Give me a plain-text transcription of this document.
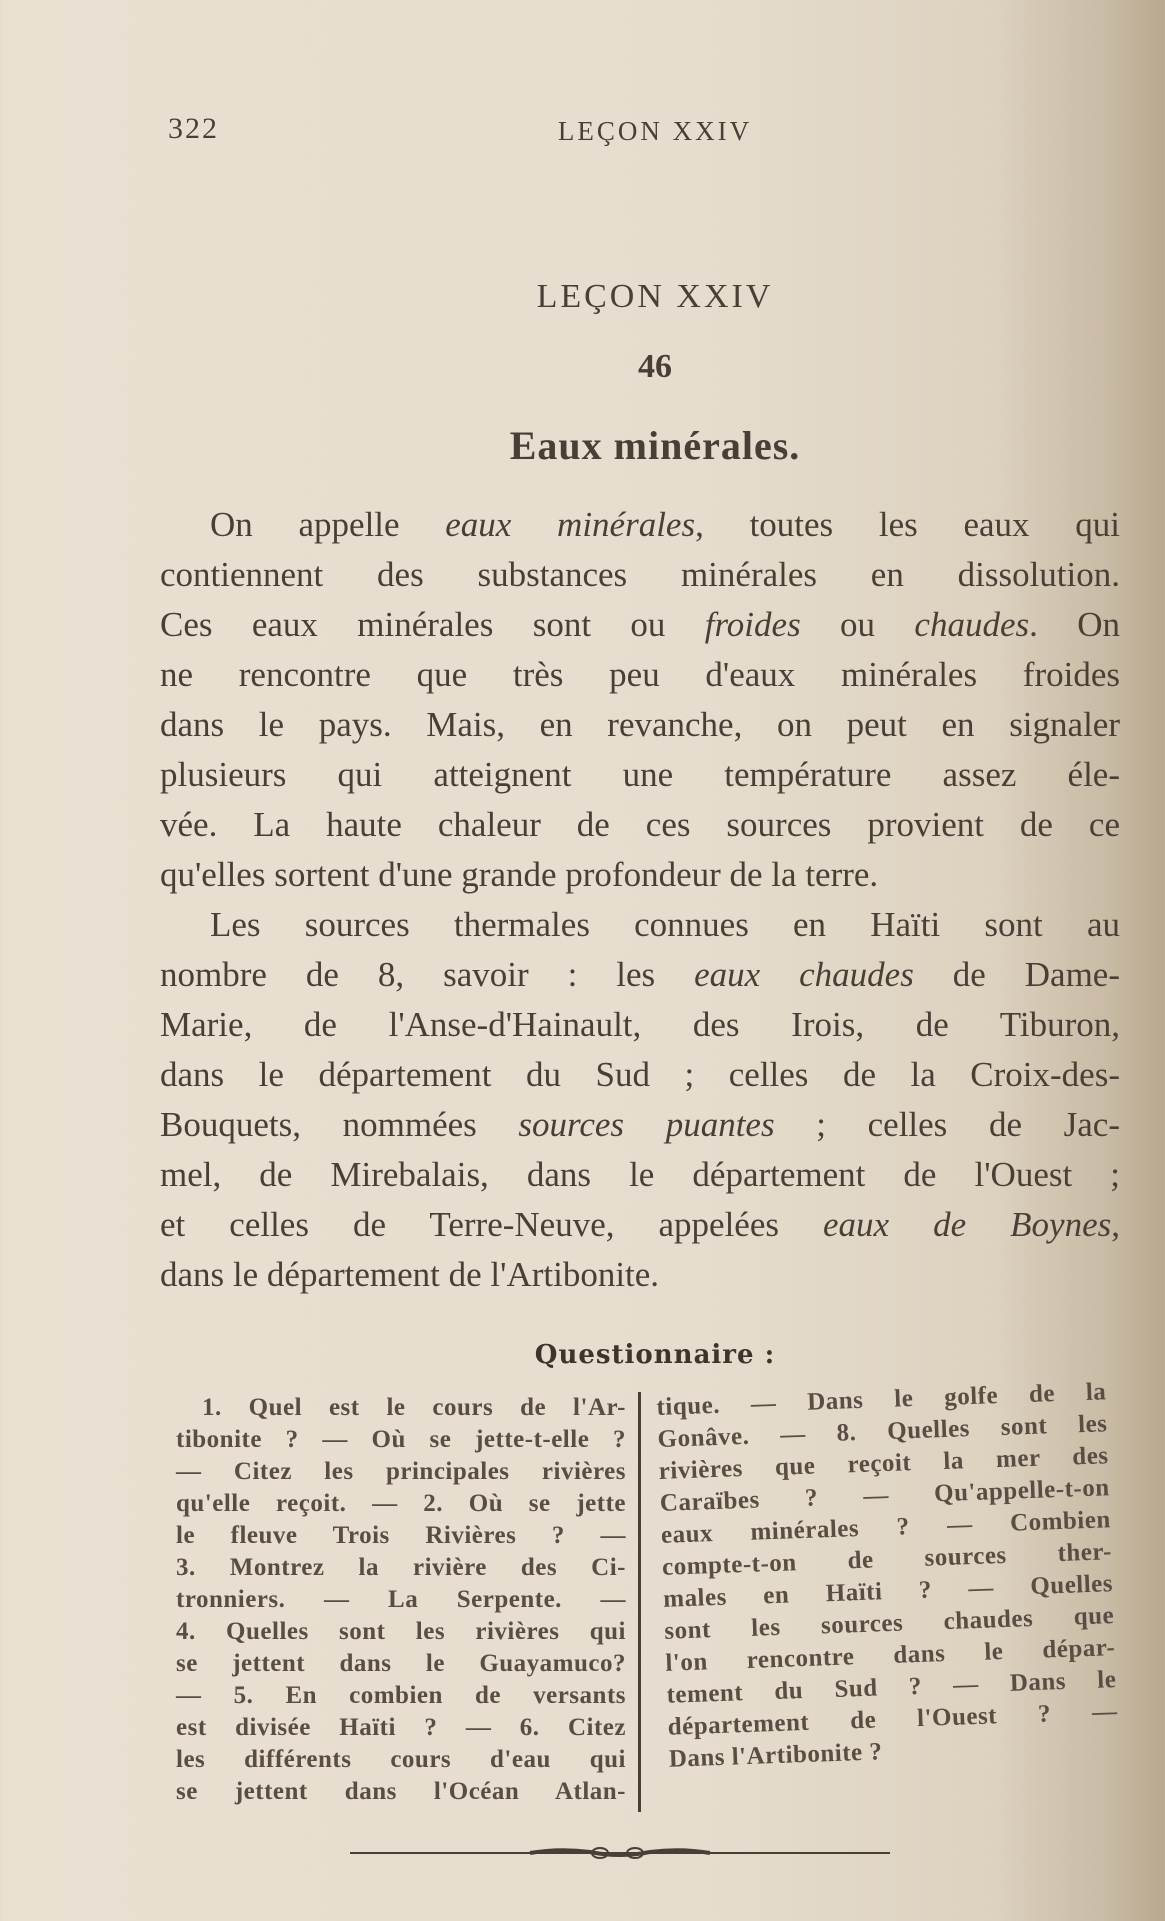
322	LEÇON XXIV
LEÇON XXIV
46
Eaux minérales.
On appelle eaux minérales, toutes les eaux qui
contiennent des substances minérales en dissolution.
Ces eaux minérales sont ou froides ou chaudes. On
ne rencontre que très peu d'eaux minérales froides
dans le pays. Mais, en revanche, on peut en signaler
plusieurs qui atteignent une température assez éle-
vée. La haute chaleur de ces sources provient de ce
qu'elles sortent d'une grande profondeur de la terre.
Les sources thermales connues en Haïti sont au
nombre de 8, savoir : les eaux chaudes de Dame-
Marie, de l'Anse-d'Hainault, des Irois, de Tiburon,
dans le département du Sud ; celles de la Croix-des-
Bouquets, nommées sources puantes ; celles de Jac-
mel, de Mirebalais, dans le département de l'Ouest ;
et celles de Terre-Neuve, appelées eaux de Boynes,
dans le département de l'Artibonite.
Questionnaire :
1. Quel est le cours de l'Ar-
tibonite ? — Où se jette-t-elle ?
— Citez les principales rivières
qu'elle reçoit. — 2. Où se jette
le fleuve Trois Rivières ? —
3. Montrez la rivière des Ci-
tronniers. — La Serpente. —
4. Quelles sont les rivières qui
se jettent dans le Guayamuco?
— 5. En combien de versants
est divisée Haïti ? — 6. Citez
les différents cours d'eau qui
se jettent dans l'Océan Atlan-
tique. — Dans le golfe de la
Gonâve. — 8. Quelles sont les
rivières que reçoit la mer des
Caraïbes ? — Qu'appelle-t-on
eaux minérales ? — Combien
compte-t-on de sources ther-
males en Haïti ? — Quelles
sont les sources chaudes que
l'on rencontre dans le dépar-
tement du Sud ? — Dans le
département de l'Ouest ? —
Dans l'Artibonite ?
